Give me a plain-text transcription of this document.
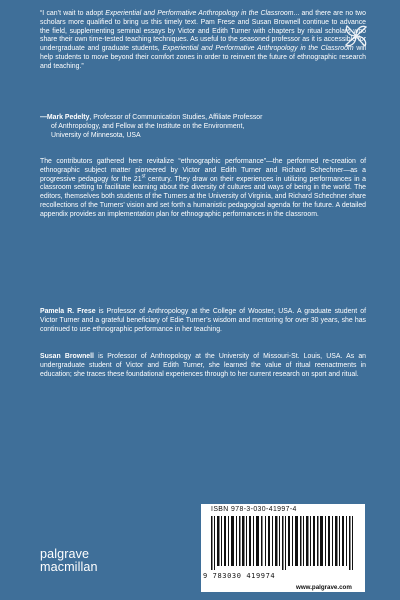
“I can’t wait to adopt Experiential and Performative Anthropology in the Classroom... and there are no two scholars more qualified to bring us this timely text. Pam Frese and Susan Brownell continue to advance the field, supplementing seminal essays by Victor and Edith Turner with chapters by ritual scholars who share their own time-tested teaching techniques. As useful to the seasoned professor as it is accessible for undergraduate and graduate students, Experiential and Performative Anthropology in the Classroom will help students to move beyond their comfort zones in order to reinvent the future of ethnographic research and teaching.”

—Mark Pedelty, Professor of Communication Studies, Affiliate Professor
of Anthropology, and Fellow at the Institute on the Environment,
University of Minnesota, USA

The contributors gathered here revitalize “ethnographic performance”—the performed re-creation of ethnographic subject matter pioneered by Victor and Edith Turner and Richard Schechner—as a progressive pedagogy for the 21st century. They draw on their experiences in utilizing performances in a classroom setting to facilitate learning about the diversity of cultures and ways of being in the world. The editors, themselves both students of the Turners at the University of Virginia, and Richard Schechner share recollections of the Turners’ vision and set forth a humanistic pedagogical agenda for the future. A detailed appendix provides an implementation plan for ethnographic performances in the classroom.

Pamela R. Frese is Professor of Anthropology at the College of Wooster, USA. A graduate student of Victor Turner and a grateful beneficiary of Edie Turner’s wisdom and mentoring for over 30 years, she has continued to use ethnographic performance in her teaching.

Susan Brownell is Professor of Anthropology at the University of Missouri-St. Louis, USA. As an undergraduate student of Victor and Edith Turner, she learned the value of ritual reenactments in education; she traces these foundational experiences through to her current research on sport and ritual.

ISBN 978-3-030-41997-4
9 783030 419974
www.palgrave.com
palgrave
macmillan
